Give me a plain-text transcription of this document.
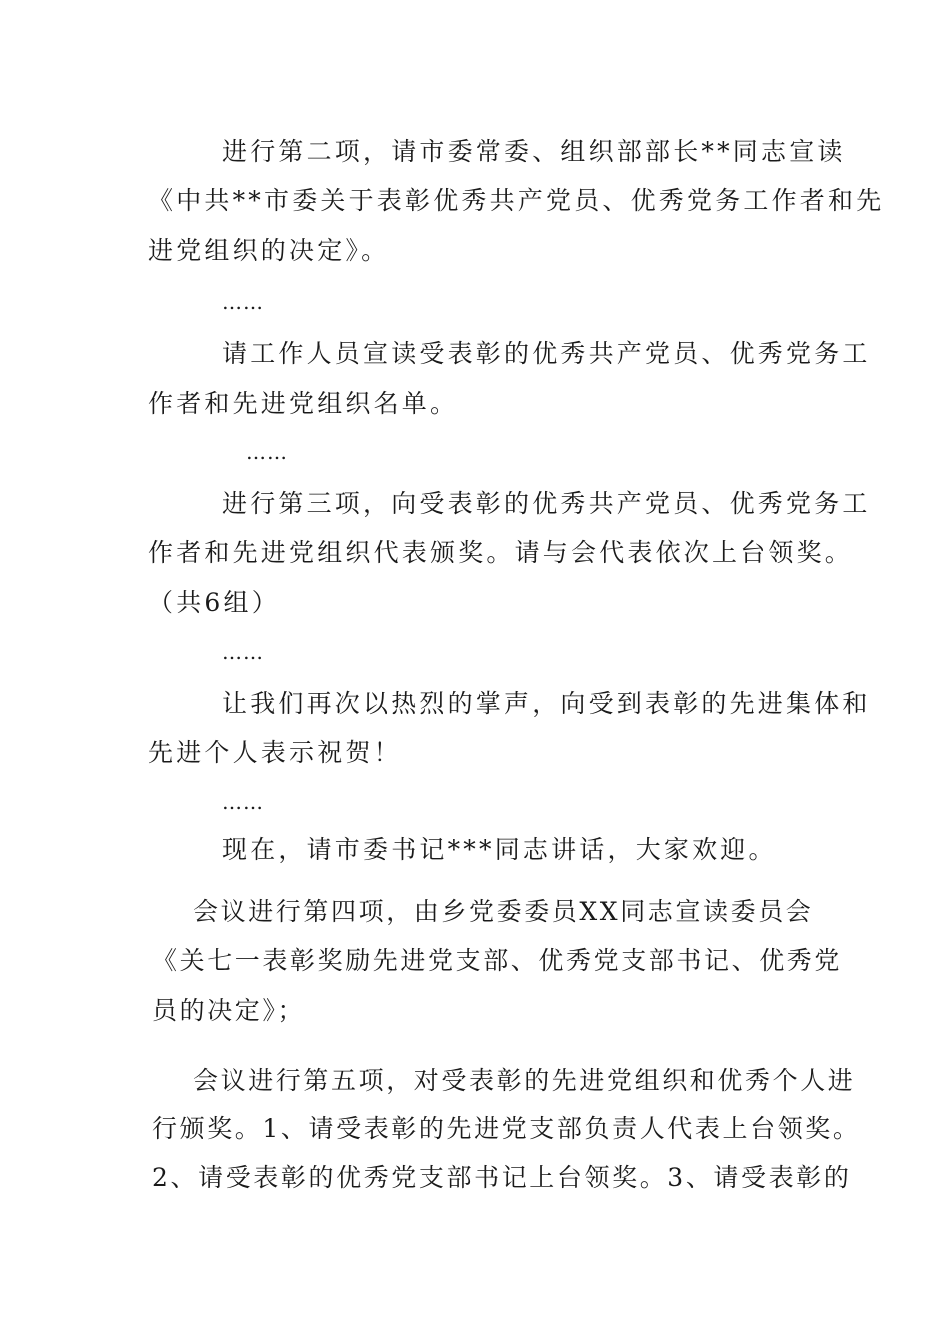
进行第二项，请市委常委、组织部部长**同志宣读
《中共**市委关于表彰优秀共产党员、优秀党务工作者和先
进党组织的决定》。
……
请工作人员宣读受表彰的优秀共产党员、优秀党务工
作者和先进党组织名单。
……
进行第三项，向受表彰的优秀共产党员、优秀党务工
作者和先进党组织代表颁奖。请与会代表依次上台领奖。
（共6组）
……
让我们再次以热烈的掌声，向受到表彰的先进集体和
先进个人表示祝贺！
……
现在，请市委书记***同志讲话，大家欢迎。
会议进行第四项，由乡党委委员XX同志宣读委员会
《关七一表彰奖励先进党支部、优秀党支部书记、优秀党
员的决定》；
会议进行第五项，对受表彰的先进党组织和优秀个人进
行颁奖。1、请受表彰的先进党支部负责人代表上台领奖。
2、请受表彰的优秀党支部书记上台领奖。3、请受表彰的
